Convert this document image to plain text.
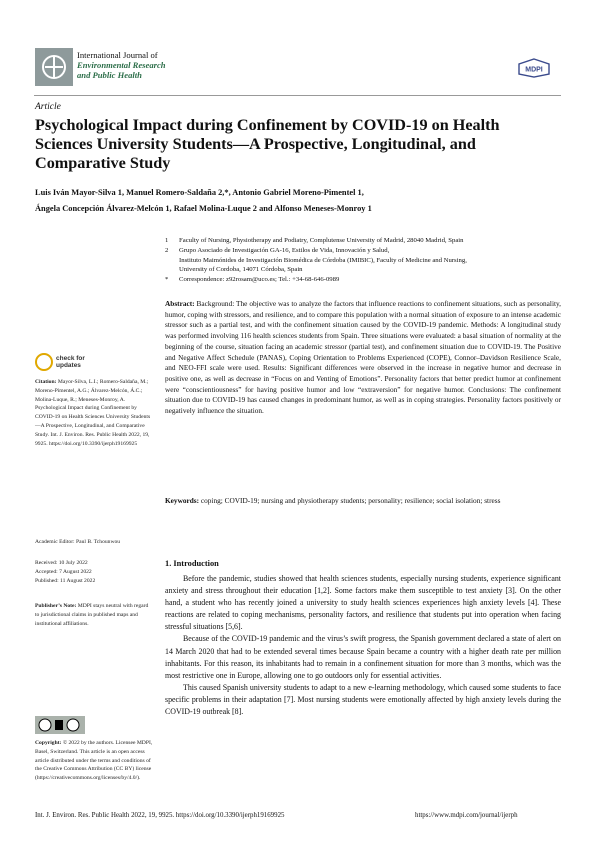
International Journal of
Environmental Research
and Public Health	MDPI
Article
Psychological Impact during Confinement by COVID-19 on Health Sciences University Students—A Prospective, Longitudinal, and Comparative Study
Luis Iván Mayor-Silva 1, Manuel Romero-Saldaña 2,*, Antonio Gabriel Moreno-Pimentel 1,
Ángela Concepción Álvarez-Melcón 1, Rafael Molina-Luque 2 and Alfonso Meneses-Monroy 1
1	Faculty of Nursing, Physiotherapy and Podiatry, Complutense University of Madrid, 28040 Madrid, Spain
2	Grupo Asociado de Investigación GA-16, Estilos de Vida, Innovación y Salud,
Instituto Maimónides de Investigación Biomédica de Córdoba (IMIBIC), Faculty of Medicine and Nursing,
University of Cordoba, 14071 Córdoba, Spain
*	Correspondence: z92rosam@uco.es; Tel.: +34-68-646-0989
Abstract: Background: The objective was to analyze the factors that influence reactions to confinement situations, such as personality, humor, coping with stressors, and resilience, and to compare this population with a normal situation of exposure to an intense academic stressor such as a partial test, and with the confinement situation caused by the COVID-19 pandemic. Methods: A longitudinal study was performed involving 116 health sciences students from Spain. Three situations were evaluated: a basal situation of normality at the beginning of the course, situation facing an academic stressor (partial test), and confinement situation due to COVID-19. The Positive and Negative Affect Schedule (PANAS), Coping Orientation to Problems Experienced (COPE), Connor–Davidson Resilience Scale, and NEO-FFI scale were used. Results: Significant differences were observed in the increase in negative humor and decrease in positive one, as well as decrease in “Focus on and Venting of Emotions”. Personality factors that better predict humor at confinement were “conscientiousness” for having positive humor and low “extraversion” for negative humor. Conclusions: The confinement situation due to COVID-19 has caused changes in predominant humor, as well as in coping strategies. Personality factors positively or negatively influence the situation.
Keywords: coping; COVID-19; nursing and physiotherapy students; personality; resilience; social isolation; stress
check for
updates
Citation: Mayor-Silva, L.I.; Romero-Saldaña, M.; Moreno-Pimentel, A.G.; Álvarez-Melcón, Á.C.; Molina-Luque, R.; Meneses-Monroy, A. Psychological Impact during Confinement by COVID-19 on Health Sciences University Students—A Prospective, Longitudinal, and Comparative Study. Int. J. Environ. Res. Public Health 2022, 19, 9925. https://doi.org/10.3390/ijerph19169925
Academic Editor: Paul B. Tchounwou
Received: 10 July 2022
Accepted: 7 August 2022
Published: 11 August 2022
Publisher’s Note: MDPI stays neutral with regard to jurisdictional claims in published maps and institutional affiliations.
Copyright: © 2022 by the authors. Licensee MDPI, Basel, Switzerland. This article is an open access article distributed under the terms and conditions of the Creative Commons Attribution (CC BY) license (https://creativecommons.org/licenses/by/4.0/).
1. Introduction

Before the pandemic, studies showed that health sciences students, especially nursing students, experience significant anxiety and stress throughout their education [1,2]. Some factors make them susceptible to test anxiety [3]. On the other hand, a student who has recently joined a university to study health sciences experiences high anxiety levels [4]. These reactions are related to coping mechanisms, personality factors, and resilience that students put into operation when facing stressful situations [5,6].

Because of the COVID-19 pandemic and the virus’s swift progress, the Spanish government declared a state of alert on 14 March 2020 that had to be extended several times because Spain became a country with a higher death rate per million inhabitants. For this reason, its inhabitants had to remain in a confinement situation for more than 3 months, which was the most restrictive one in Europe, allowing one to go outdoors only for essential activities.

This caused Spanish university students to adapt to a new e-learning methodology, which caused some students to face specific problems in their adaptation [7]. Most nursing students were emotionally affected by high anxiety levels during the COVID-19 outbreak [8].

Int. J. Environ. Res. Public Health 2022, 19, 9925. https://doi.org/10.3390/ijerph19169925	https://www.mdpi.com/journal/ijerph
